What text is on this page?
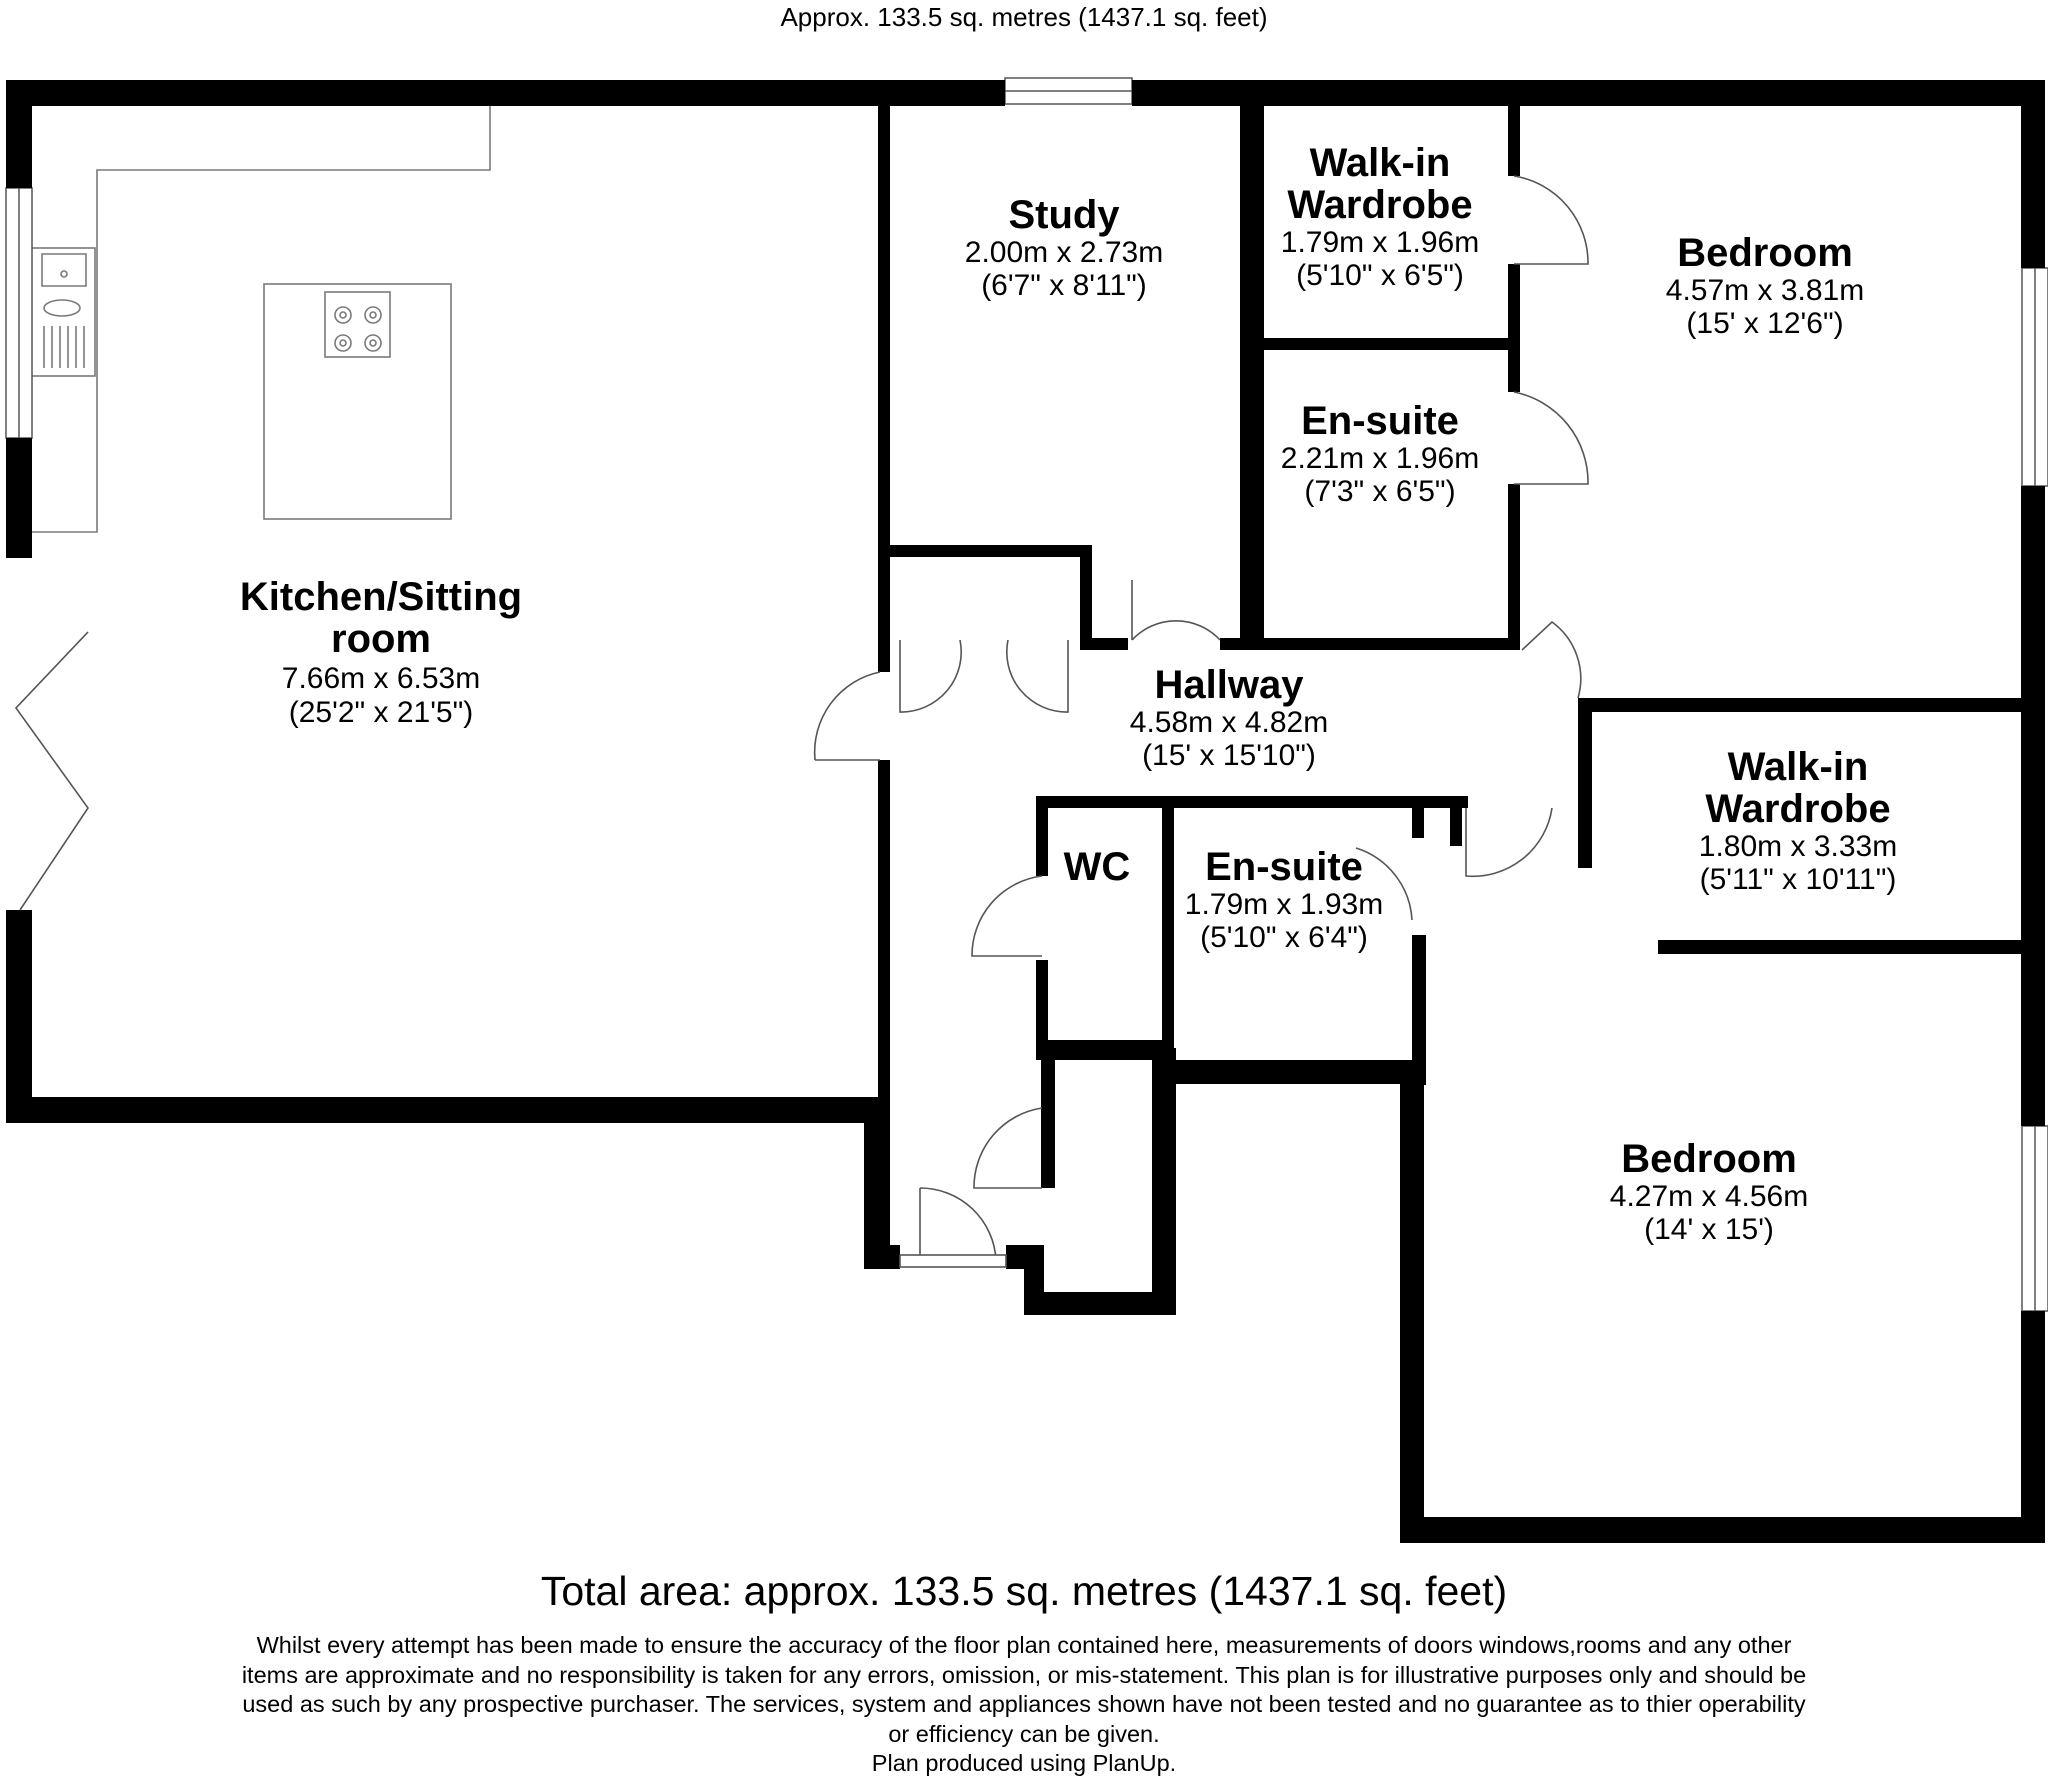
Approx. 133.5 sq. metres (1437.1 sq. feet)
Kitchen/Sitting
room
7.66m x 6.53m
(25'2" x 21'5")
Study
2.00m x 2.73m
(6'7" x 8'11")
Walk-in
Wardrobe
1.79m x 1.96m
(5'10" x 6'5")
Bedroom
4.57m x 3.81m
(15' x 12'6")
En-suite
2.21m x 1.96m
(7'3" x 6'5")
Hallway
4.58m x 4.82m
(15' x 15'10")	Walk-in
Wardrobe
1.80m x 3.33m
(5'11" x 10'11")
WC En-suite
1.79m x 1.93m
(5'10" x 6'4")
Bedroom
4.27m x 4.56m
(14' x 15')
Total area: approx. 133.5 sq. metres (1437.1 sq. feet)

Whilst every attempt has been made to ensure the accuracy of the floor plan contained here, measurements of doors windows,rooms and any other

items are approximate and no responsibility is taken for any errors, omission, or mis-statement. This plan is for illustrative purposes only and should be

used as such by any prospective purchaser. The services, system and appliances shown have not been tested and no guarantee as to thier operability

or efficiency can be given.

Plan produced using PlanUp.
